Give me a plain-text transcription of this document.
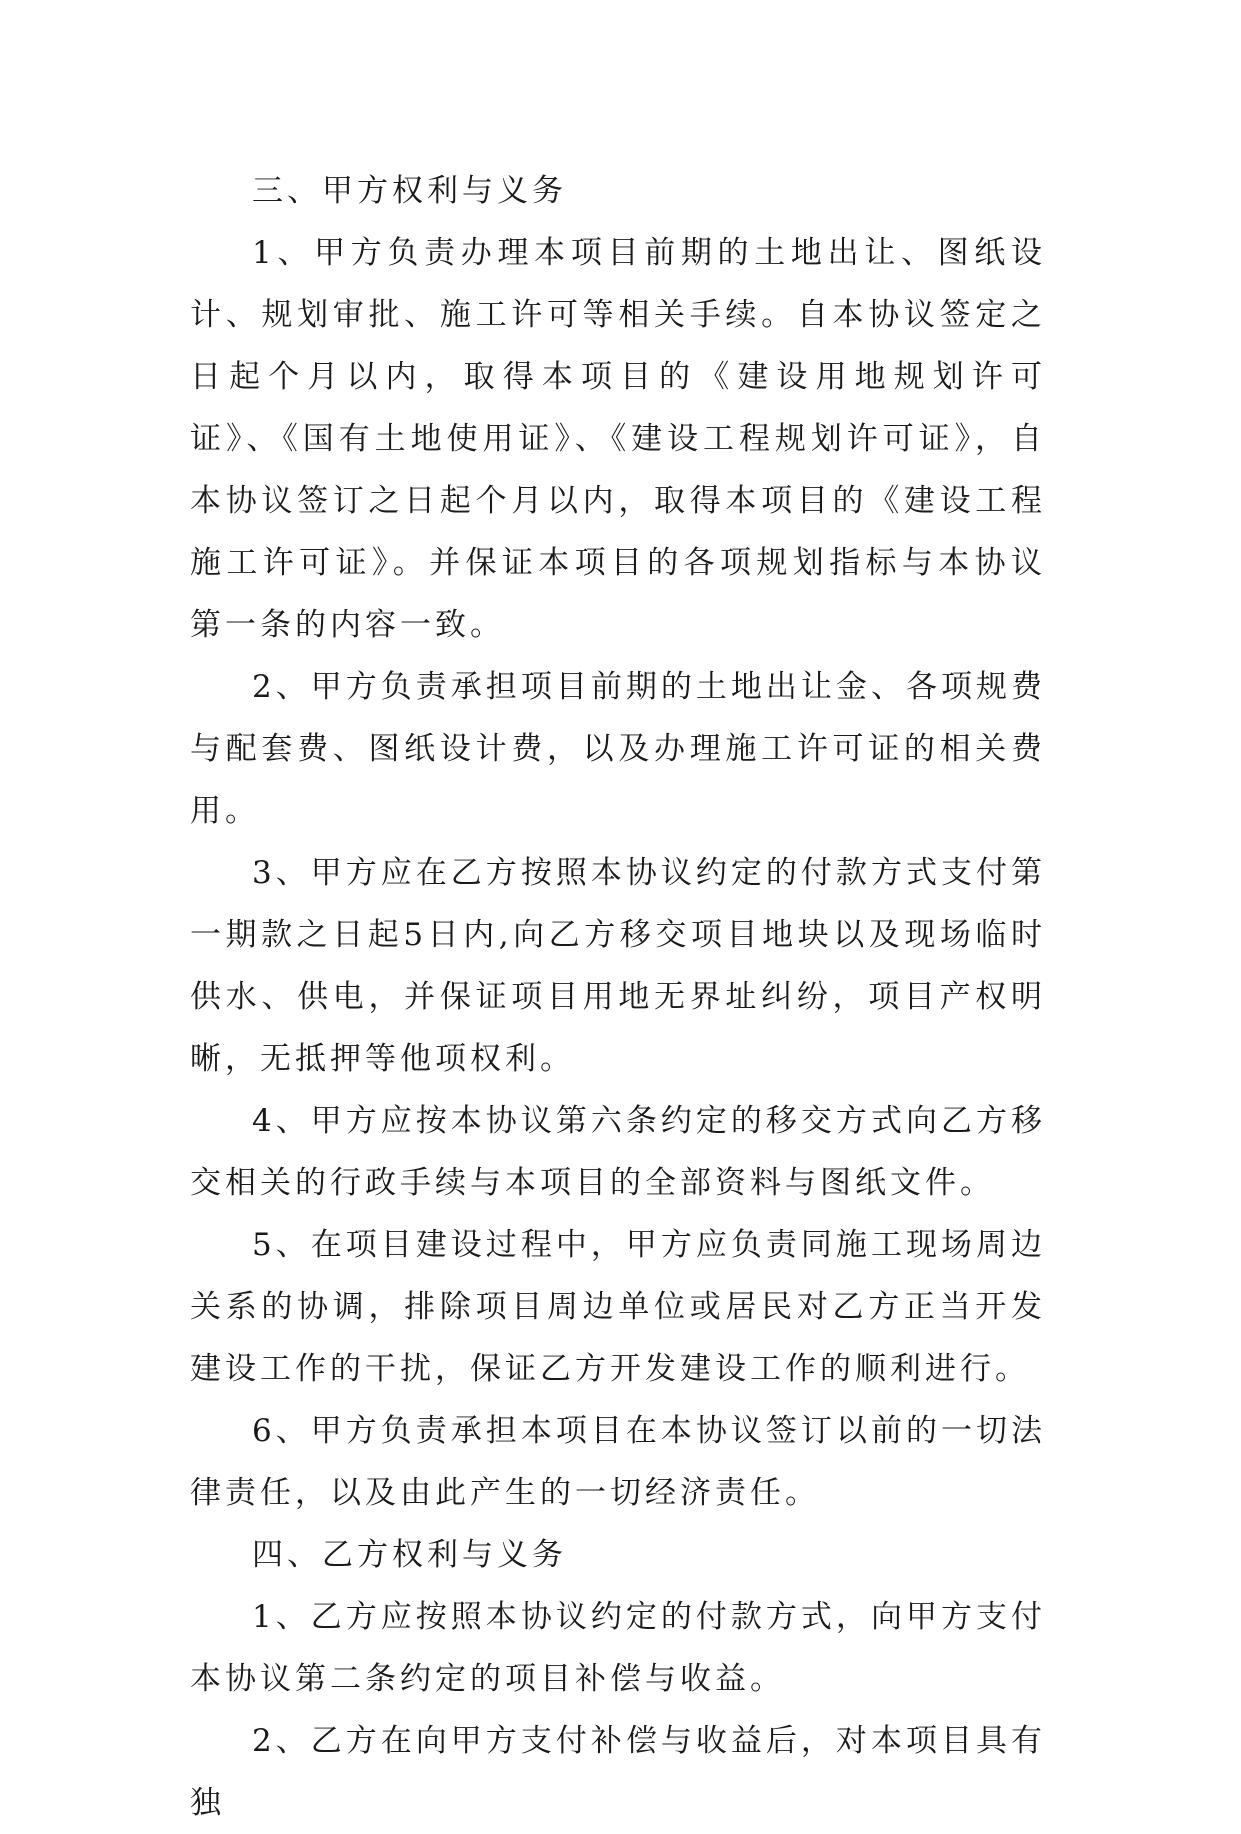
三、甲方权利与义务

1、甲方负责办理本项目前期的土地出让、图纸设计、规划审批、施工许可等相关手续。自本协议签定之日起个月以内，取得本项目的《建设用地规划许可证》、《国有土地使用证》、《建设工程规划许可证》，自本协议签订之日起个月以内，取得本项目的《建设工程施工许可证》。并保证本项目的各项规划指标与本协议第一条的内容一致。

2、甲方负责承担项目前期的土地出让金、各项规费与配套费、图纸设计费，以及办理施工许可证的相关费用。

3、甲方应在乙方按照本协议约定的付款方式支付第一期款之日起5日内,向乙方移交项目地块以及现场临时供水、供电，并保证项目用地无界址纠纷，项目产权明晰，无抵押等他项权利。

4、甲方应按本协议第六条约定的移交方式向乙方移交相关的行政手续与本项目的全部资料与图纸文件。

5、在项目建设过程中，甲方应负责同施工现场周边关系的协调，排除项目周边单位或居民对乙方正当开发建设工作的干扰，保证乙方开发建设工作的顺利进行。

6、甲方负责承担本项目在本协议签订以前的一切法律责任，以及由此产生的一切经济责任。

四、乙方权利与义务

1、乙方应按照本协议约定的付款方式，向甲方支付本协议第二条约定的项目补偿与收益。

2、乙方在向甲方支付补偿与收益后，对本项目具有独
